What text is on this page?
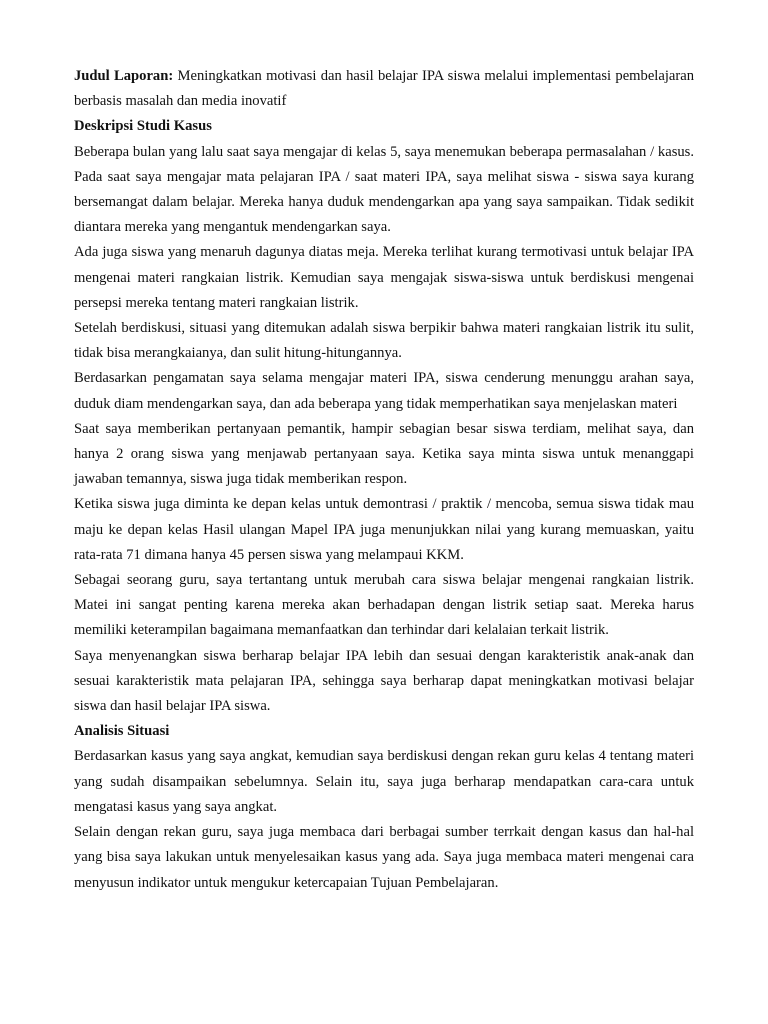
Judul Laporan: Meningkatkan motivasi dan hasil belajar IPA siswa melalui implementasi pembelajaran berbasis masalah dan media inovatif

Deskripsi Studi Kasus

Beberapa bulan yang lalu saat saya mengajar di kelas 5, saya menemukan beberapa permasalahan / kasus. Pada saat saya mengajar mata pelajaran IPA / saat materi IPA, saya melihat siswa - siswa saya kurang bersemangat dalam belajar. Mereka hanya duduk mendengarkan apa yang saya sampaikan. Tidak sedikit diantara mereka yang mengantuk mendengarkan saya.

Ada juga siswa yang menaruh dagunya diatas meja. Mereka terlihat kurang termotivasi untuk belajar IPA mengenai materi rangkaian listrik. Kemudian saya mengajak siswa-siswa untuk berdiskusi mengenai persepsi mereka tentang materi rangkaian listrik.

Setelah berdiskusi, situasi yang ditemukan adalah siswa berpikir bahwa materi rangkaian listrik itu sulit, tidak bisa merangkaianya, dan sulit hitung-hitungannya.

Berdasarkan pengamatan saya selama mengajar materi IPA, siswa cenderung menunggu arahan saya, duduk diam mendengarkan saya, dan ada beberapa yang tidak memperhatikan saya menjelaskan materi

Saat saya memberikan pertanyaan pemantik, hampir sebagian besar siswa terdiam, melihat saya, dan hanya 2 orang siswa yang menjawab pertanyaan saya. Ketika saya minta siswa untuk menanggapi jawaban temannya, siswa juga tidak memberikan respon.

Ketika siswa juga diminta ke depan kelas untuk demontrasi / praktik / mencoba, semua siswa tidak mau maju ke depan kelas Hasil ulangan Mapel IPA juga menunjukkan nilai yang kurang memuaskan, yaitu rata-rata 71 dimana hanya 45 persen siswa yang melampaui KKM.

Sebagai seorang guru, saya tertantang untuk merubah cara siswa belajar mengenai rangkaian listrik. Matei ini sangat penting karena mereka akan berhadapan dengan listrik setiap saat. Mereka harus memiliki keterampilan bagaimana memanfaatkan dan terhindar dari kelalaian terkait listrik.

Saya menyenangkan siswa berharap belajar IPA lebih dan sesuai dengan karakteristik anak-anak dan sesuai karakteristik mata pelajaran IPA, sehingga saya berharap dapat meningkatkan motivasi belajar siswa dan hasil belajar IPA siswa.

Analisis Situasi

Berdasarkan kasus yang saya angkat, kemudian saya berdiskusi dengan rekan guru kelas 4 tentang materi yang sudah disampaikan sebelumnya. Selain itu, saya juga berharap mendapatkan cara-cara untuk mengatasi kasus yang saya angkat.

Selain dengan rekan guru, saya juga membaca dari berbagai sumber terrkait dengan kasus dan hal-hal yang bisa saya lakukan untuk menyelesaikan kasus yang ada. Saya juga membaca materi mengenai cara menyusun indikator untuk mengukur ketercapaian Tujuan Pembelajaran.
